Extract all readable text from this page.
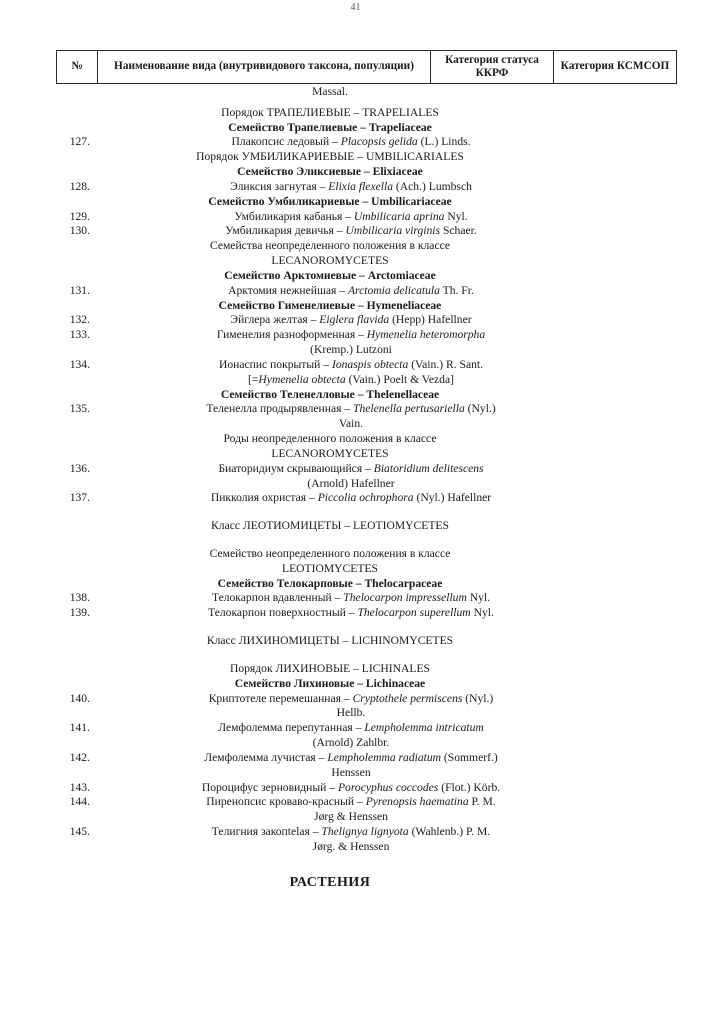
41
№	Наименование вида (внутривидового таксона, популяции)	Категория статуса ККРФ	Категория КСМСОП
Massal.
Порядок ТРАПЕЛИЕВЫЕ – TRAPELIALES
Семейство Трапелиевые – Trapeliaceae
127.	Плакопсис ледовый – Placopsis gelida (L.) Linds.
Порядок УМБИЛИКАРИЕВЫЕ – UMBILICARIALES
Семейство Эликсиевые – Elixiaceae
128.	Эликсия загнутая – Elixia flexella (Ach.) Lumbsch
Семейство Умбиликариевые – Umbilicariaceae
129.	Умбиликария кабанья – Umbilicaria aprina Nyl.
130.	Умбиликария девичья – Umbilicaria virginis Schaer.
Семейства неопределенного положения в классе
LECANOROMYCETES
Семейство Арктомиевые – Arctomiaceae
131.	Арктомия нежнейшая – Arctomia delicatula Th. Fr.
Семейство Гименелиевые – Hymeneliaceae
132.	Эйглера желтая – Eiglera flavida (Hepp) Hafellner
133.	Гименелия разноформенная – Hymenelia heteromorpha
(Kremp.) Lutzoni
134.	Ионаспис покрытый – Ionaspis obtecta (Vain.) R. Sant.
[=Hymenelia obtecta (Vain.) Poelt & Vezda]
Семейство Теленелловые – Thelenellaceae
135.	Теленелла продырявленная – Thelenella pertusariella (Nyl.)
Vain.
Роды неопределенного положения в классе
LECANOROMYCETES
136.	Биаторидиум скрывающийся – Biatoridium delitescens
(Arnold) Hafellner
137.	Пикколия охристая – Piccolia ochrophora (Nyl.) Hafellner
Класс ЛЕОТИОМИЦЕТЫ – LEOTIOMYCETES
Семейство неопределенного положения в классе
LEOTIOMYCETES
Семейство Телокарповые – Thelocarpaceae
138.	Телокарпон вдавленный – Thelocarpon impressellum Nyl.
139.	Телокарпон поверхностный – Thelocarpon superellum Nyl.
Класс ЛИХИНОМИЦЕТЫ – LICHINOMYCETES
Порядок ЛИХИНОВЫЕ – LICHINALES
Семейство Лихиновые – Lichinaceae
140.	Криптотеле перемешанная – Cryptothele permiscens (Nyl.)
Hellb.
141.	Лемфолемма перепутанная – Lempholemma intricatum
(Arnold) Zahlbr.
142.	Лемфолемма лучистая – Lempholemma radiatum (Sommerf.)
Henssen
143.	Пороцифус зерновидный – Porocyphus coccodes (Flot.) Körb.
144.	Пиренопсис кроваво-красный – Pyrenopsis haematina P. M.
Jørg & Henssen
145.	Телигния закопtelая – Thelignya lignyota (Wahlenb.) P. M.
Jørg. & Henssen
РАСТЕНИЯ
